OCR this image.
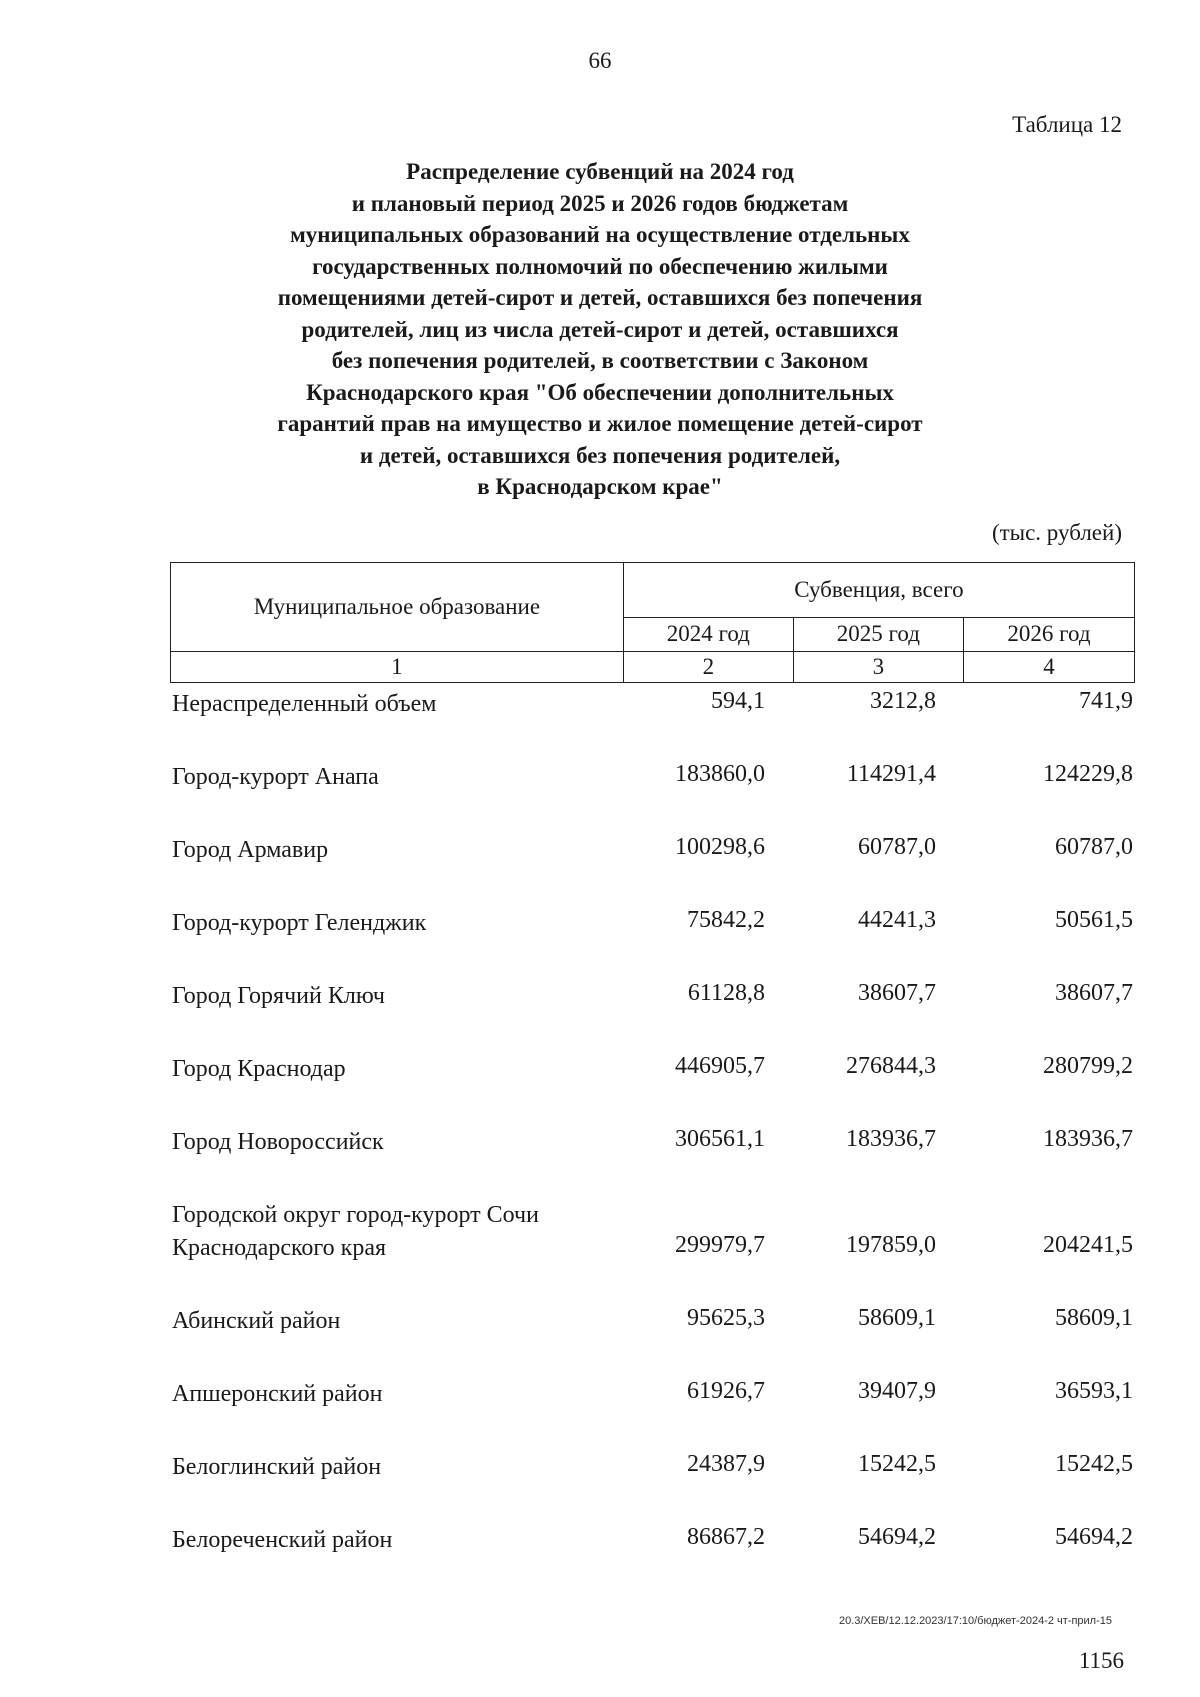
66
Таблица 12
Распределение субвенций на 2024 год
и плановый период 2025 и 2026 годов бюджетам
муниципальных образований на осуществление отдельных
государственных полномочий по обеспечению жилыми
помещениями детей-сирот и детей, оставшихся без попечения
родителей, лиц из числа детей-сирот и детей, оставшихся
без попечения родителей, в соответствии с Законом
Краснодарского края "Об обеспечении дополнительных
гарантий прав на имущество и жилое помещение детей-сирот
и детей, оставшихся без попечения родителей,
в Краснодарском крае"
(тыс. рублей)
Муниципальное образование	Субвенция, всего		
	2024 год	2025 год	2026 год
1	2	3	4
Нераспределенный объем	594,1	3212,8	741,9
Город-курорт Анапа	183860,0	114291,4	124229,8
Город Армавир	100298,6	60787,0	60787,0
Город-курорт Геленджик	75842,2	44241,3	50561,5
Город Горячий Ключ	61128,8	38607,7	38607,7
Город Краснодар	446905,7	276844,3	280799,2
Город Новороссийск	306561,1	183936,7	183936,7
Городской округ город-курорт Сочи
Краснодарского края	299979,7	197859,0	204241,5
Абинский район	95625,3	58609,1	58609,1
Апшеронский район	61926,7	39407,9	36593,1
Белоглинский район	24387,9	15242,5	15242,5
Белореченский район	86867,2	54694,2	54694,2
20.3/ХЕВ/12.12.2023/17:10/бюджет-2024-2 чт-прил-15
1156
